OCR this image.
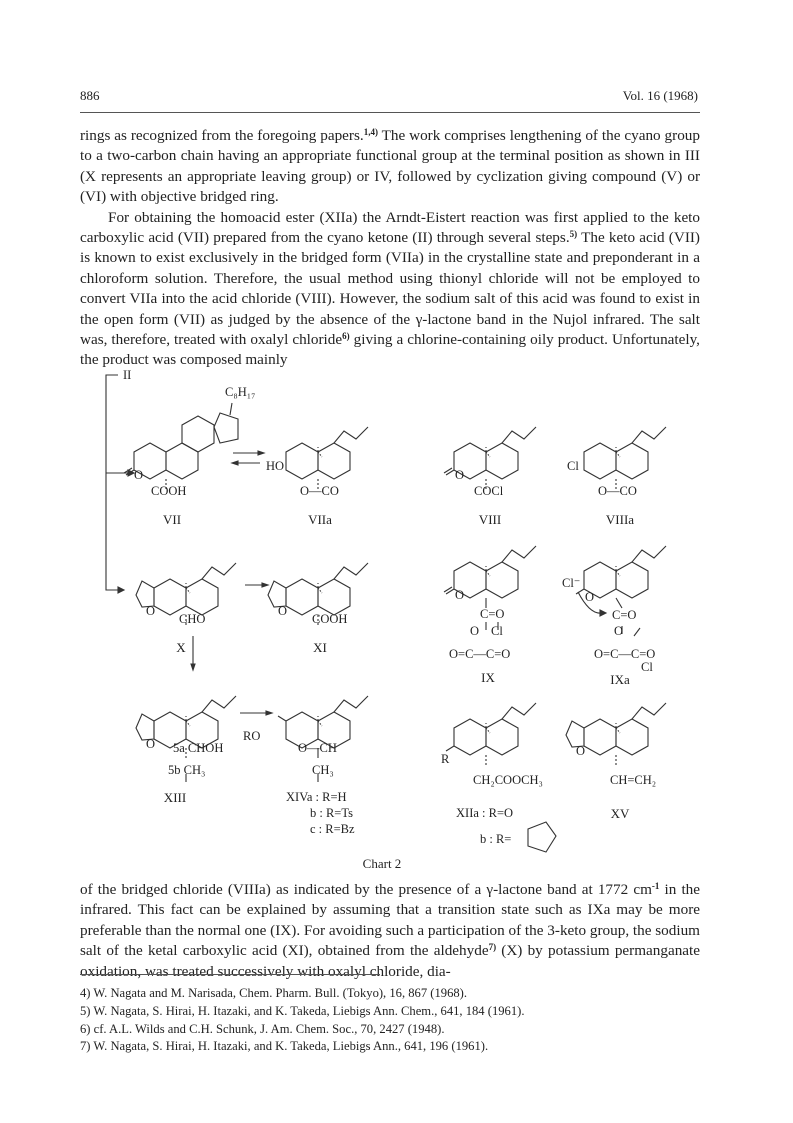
886	Vol. 16 (1968)

rings as recognized from the foregoing papers.$^{1,4)}$ The work comprises lengthening of the cyano group to a two-carbon chain having an appropriate functional group at the terminal position as shown in III (X represents an appropriate leaving group) or IV, followed by cyclization giving compound (V) or (VI) with objective bridged ring.

For obtaining the homoacid ester (XIIa) the Arndt-Eistert reaction was first applied to the keto carboxylic acid (VII) prepared from the cyano ketone (II) through several steps.$^{5)}$ The keto acid (VII) is known to exist exclusively in the bridged form (VIIa) in the crystalline state and preponderant in a chloroform solution. Therefore, the usual method using thionyl chloride will not be employed to convert VIIa into the acid chloride (VIII). However, the sodium salt of this acid was found to exist in the open form (VII) as judged by the absence of the γ-lactone band in the Nujol infrared. The salt was, therefore, treated with oxalyl chloride$^{6)}$ giving a chlorine-containing oily product. Unfortunately, the product was composed mainly

C₈H₁₇
COOH
O
HO
O—CO
O
COCl
Cl
O—CO
O
CHO
O
COOH
O
C=O
O Cl
O=C—C=O
Cl⁻
O
C=O
O
O=C—C=O
Cl
O 5a CHOH
5b CH₃
RO
O—CH
CH₃
R
CH₂COOCH₃
O
CH=CH₂
II
VII	VIIa	VIII	VIIIa
X	XI
IX	IXa
XIII	XIVa : R=H
b : R=Ts
c : R=Bz
XIIa : R=O
b : R=
XV
Chart 2

of the bridged chloride (VIIIa) as indicated by the presence of a γ-lactone band at 1772 $cm^{-1}$ in the infrared. This fact can be explained by assuming that a transition state such as IXa may be more preferable than the normal one (IX). For avoiding such a participation of the 3-keto group, the sodium salt of the ketal carboxylic acid (XI), obtained from the aldehyde$^{7)}$ (X) by potassium permanganate oxidation, was treated successively with oxalyl chloride, dia-

4) W. Nagata and M. Narisada, Chem. Pharm. Bull. (Tokyo), 16, 867 (1968).
5) W. Nagata, S. Hirai, H. Itazaki, and K. Takeda, Liebigs Ann. Chem., 641, 184 (1961).
6) cf. A.L. Wilds and C.H. Schunk, J. Am. Chem. Soc., 70, 2427 (1948).
7) W. Nagata, S. Hirai, H. Itazaki, and K. Takeda, Liebigs Ann., 641, 196 (1961).
